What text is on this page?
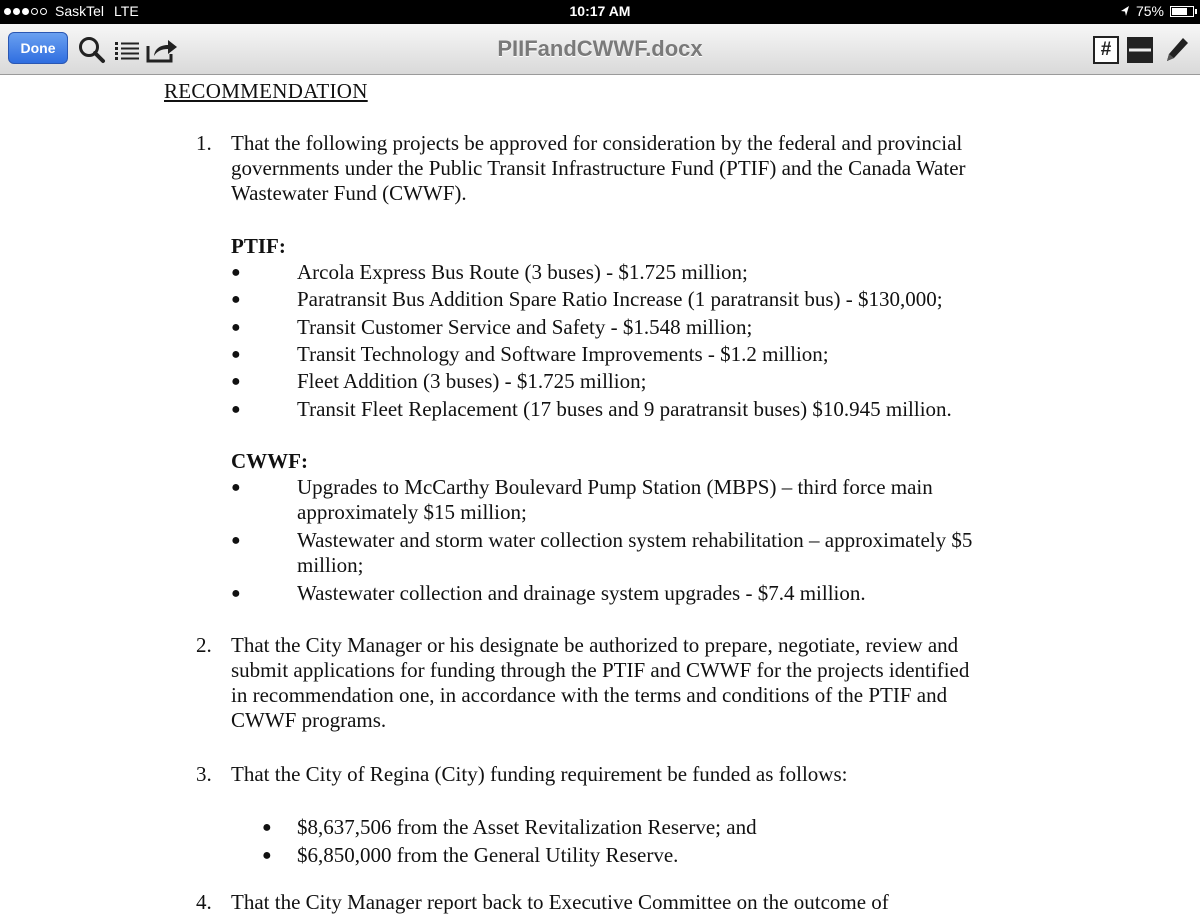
SaskTel LTE	10:17 AM	75%
Done	PIIFandCWWF.docx	#
RECOMMENDATION
1. That the following projects be approved for consideration by the federal and provincial
governments under the Public Transit Infrastructure Fund (PTIF) and the Canada Water
Wastewater Fund (CWWF).
PTIF:
●	Arcola Express Bus Route (3 buses) - $1.725 million;
●	Paratransit Bus Addition Spare Ratio Increase (1 paratransit bus) - $130,000;
●	Transit Customer Service and Safety - $1.548 million;
●	Transit Technology and Software Improvements - $1.2 million;
●	Fleet Addition (3 buses) - $1.725 million;
●	Transit Fleet Replacement (17 buses and 9 paratransit buses) $10.945 million.
CWWF:
●	Upgrades to McCarthy Boulevard Pump Station (MBPS) – third force main
approximately $15 million;
●	Wastewater and storm water collection system rehabilitation – approximately $5
million;
●	Wastewater collection and drainage system upgrades - $7.4 million.
2. That the City Manager or his designate be authorized to prepare, negotiate, review and
submit applications for funding through the PTIF and CWWF for the projects identified
in recommendation one, in accordance with the terms and conditions of the PTIF and
CWWF programs.
3. That the City of Regina (City) funding requirement be funded as follows:
● $8,637,506 from the Asset Revitalization Reserve; and
● $6,850,000 from the General Utility Reserve.
4. That the City Manager report back to Executive Committee on the outcome of
